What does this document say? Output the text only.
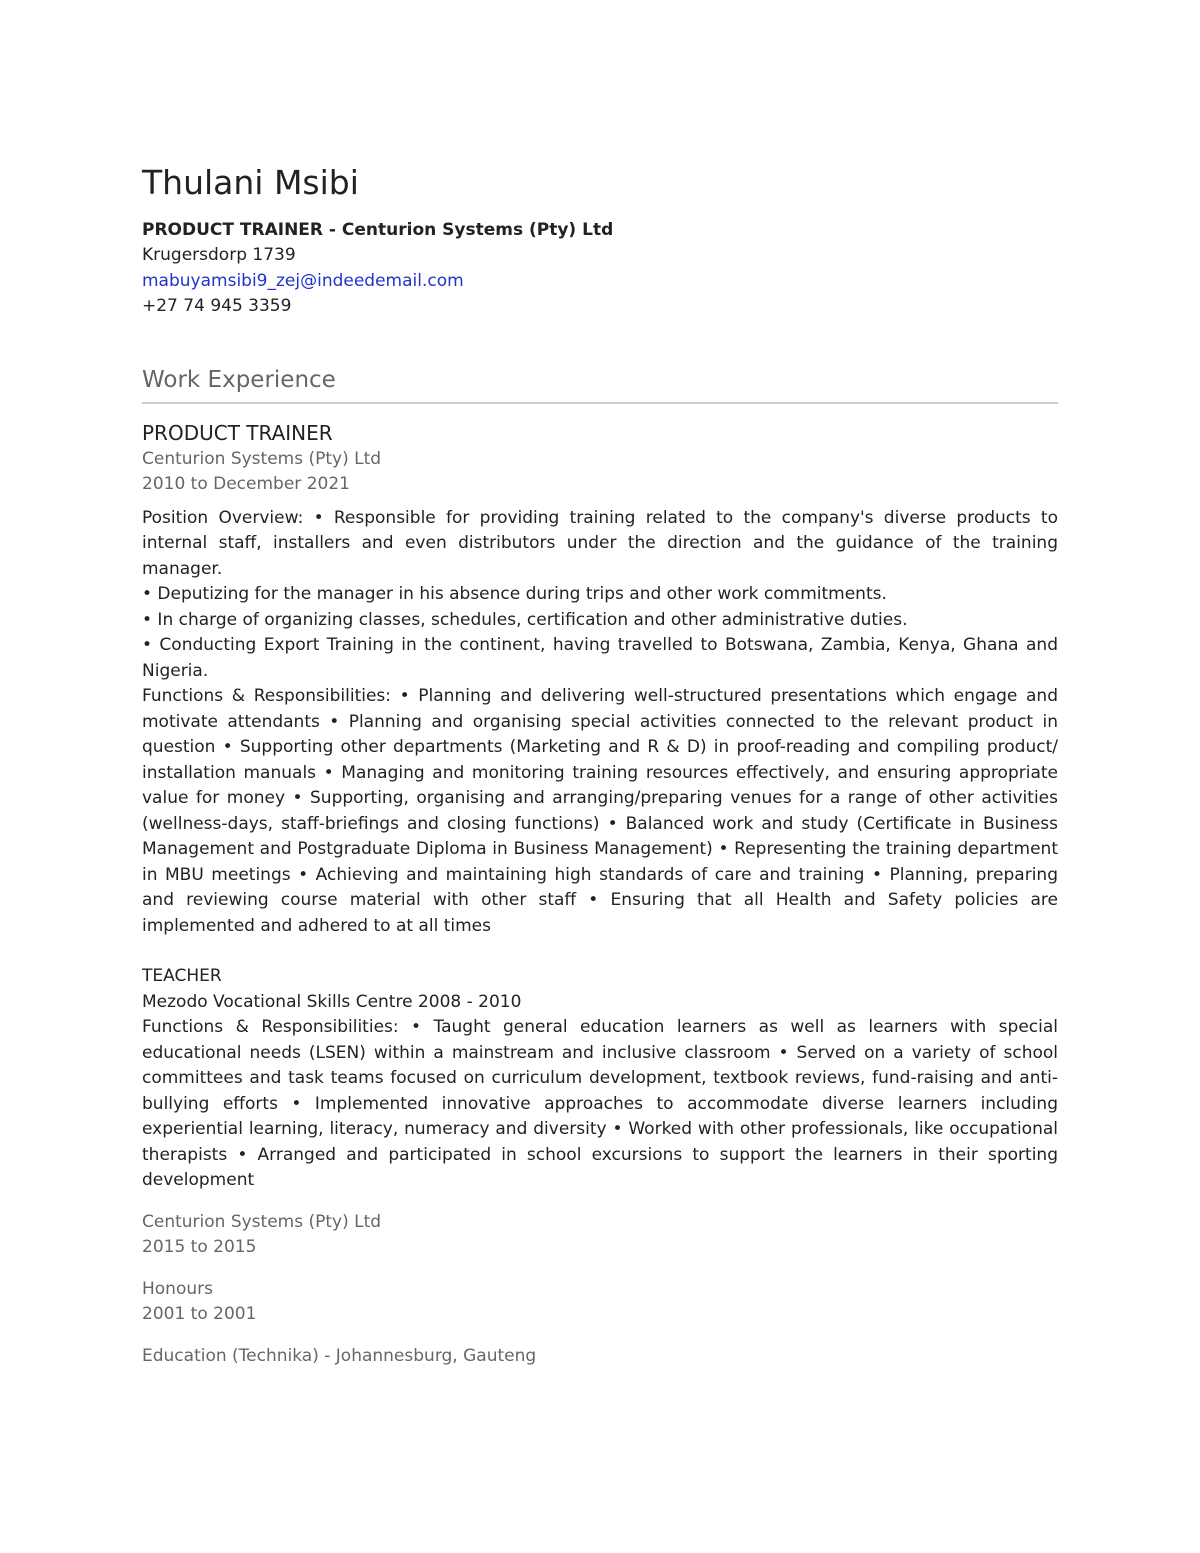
Thulani Msibi
PRODUCT TRAINER - Centurion Systems (Pty) Ltd
Krugersdorp 1739
mabuyamsibi9_zej@indeedemail.com
+27 74 945 3359
Work Experience
PRODUCT TRAINER
Centurion Systems (Pty) Ltd
2010 to December 2021

Position Overview: • Responsible for providing training related to the company's diverse products to internal staff, installers and even distributors under the direction and the guidance of the training manager.

• Deputizing for the manager in his absence during trips and other work commitments.

• In charge of organizing classes, schedules, certification and other administrative duties.

• Conducting Export Training in the continent, having travelled to Botswana, Zambia, Kenya, Ghana and Nigeria.

Functions & Responsibilities: • Planning and delivering well-structured presentations which engage and motivate attendants • Planning and organising special activities connected to the relevant product in question • Supporting other departments (Marketing and R & D) in proof-reading and compiling product/ installation manuals • Managing and monitoring training resources effectively, and ensuring appropriate value for money • Supporting, organising and arranging/preparing venues for a range of other activities (wellness-days, staff-briefings and closing functions) • Balanced work and study (Certificate in Business Management and Postgraduate Diploma in Business Management) • Representing the training department in MBU meetings • Achieving and maintaining high standards of care and training • Planning, preparing and reviewing course material with other staff • Ensuring that all Health and Safety policies are implemented and adhered to at all times

TEACHER

Mezodo Vocational Skills Centre 2008 - 2010

Functions & Responsibilities: • Taught general education learners as well as learners with special educational needs (LSEN) within a mainstream and inclusive classroom • Served on a variety of school committees and task teams focused on curriculum development, textbook reviews, fund-raising and anti-bullying efforts • Implemented innovative approaches to accommodate diverse learners including experiential learning, literacy, numeracy and diversity • Worked with other professionals, like occupational therapists • Arranged and participated in school excursions to support the learners in their sporting development

Centurion Systems (Pty) Ltd
2015 to 2015
Honours
2001 to 2001
Education (Technika) - Johannesburg, Gauteng
